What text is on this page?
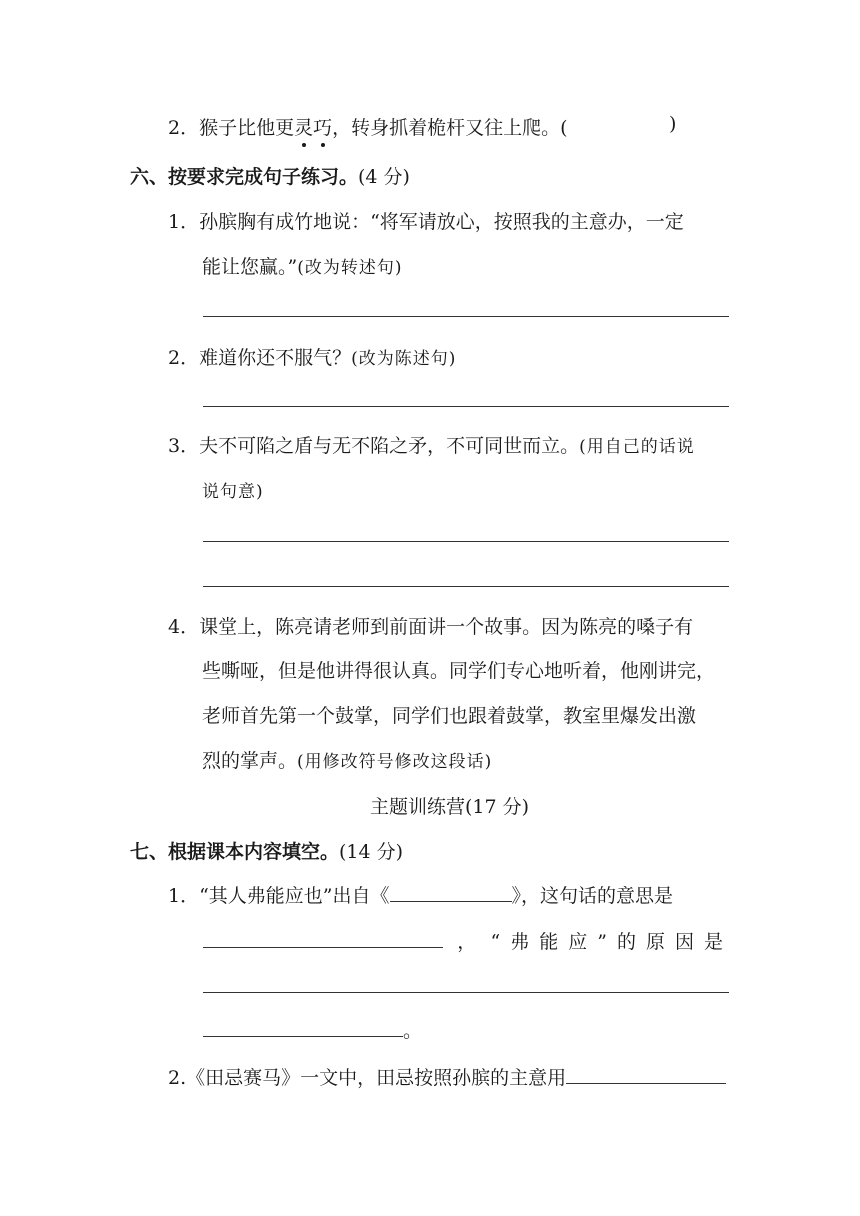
2．猴子比他更灵巧，转身抓着桅杆又往上爬。(	)
六、按要求完成句子练习。(4 分)
1．孙膑胸有成竹地说：“将军请放心，按照我的主意办，一定
能让您赢。”(改为转述句)
2．难道你还不服气？(改为陈述句)
3．夫不可陷之盾与无不陷之矛，不可同世而立。(用自己的话说
说句意)
4．课堂上，陈亮请老师到前面讲一个故事。因为陈亮的嗓子有
些嘶哑，但是他讲得很认真。同学们专心地听着，他刚讲完，
老师首先第一个鼓掌，同学们也跟着鼓掌，教室里爆发出激
烈的掌声。(用修改符号修改这段话)
主题训练营(17 分)
七、根据课本内容填空。(14 分)
1．“其人弗能应也”出自《	》，这句话的意思是
， “弗能应”的原因是
。
2.《田忌赛马》一文中，田忌按照孙膑的主意用
